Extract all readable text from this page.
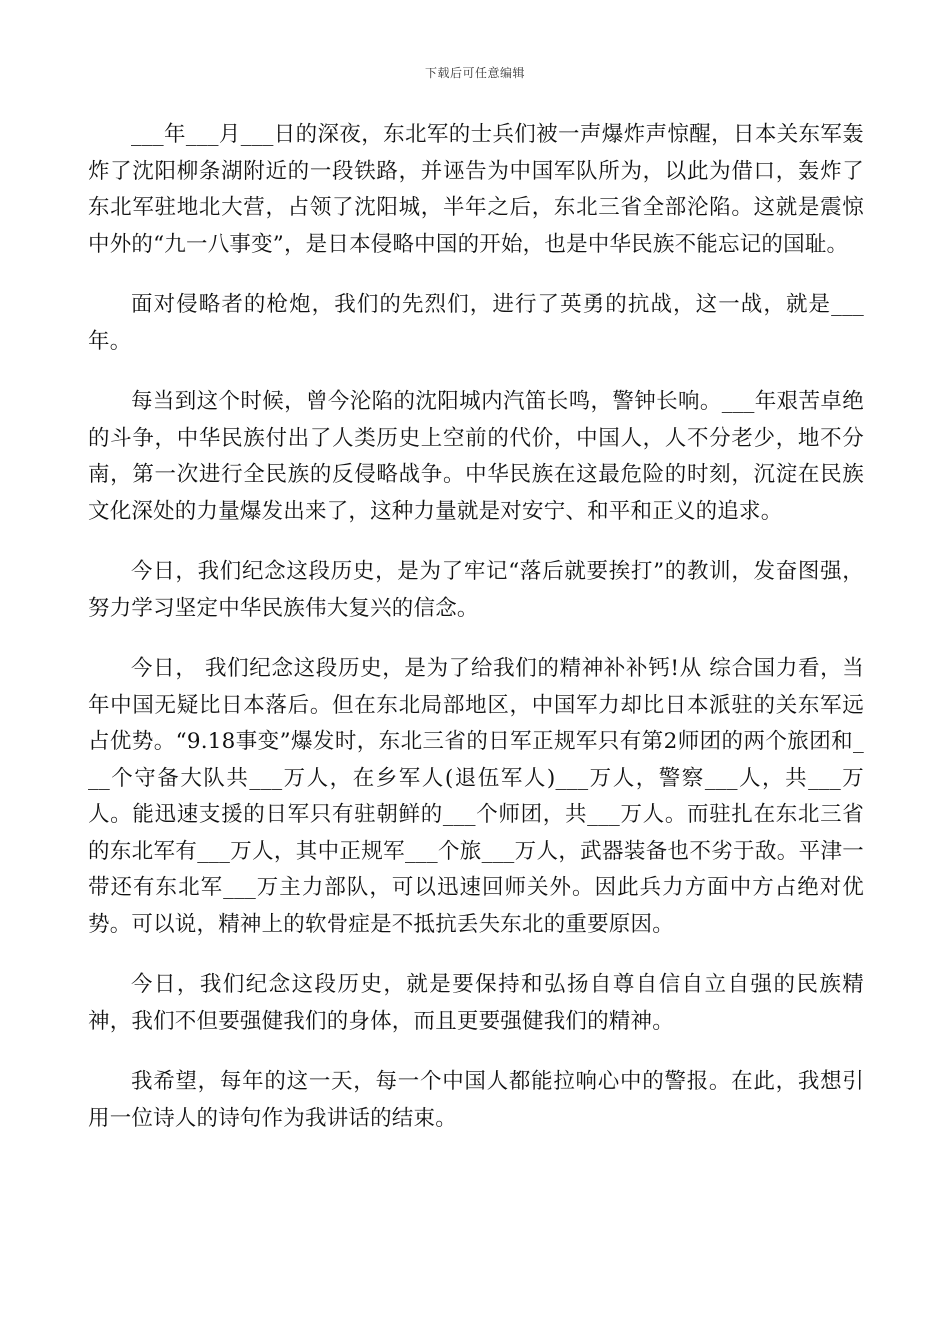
下载后可任意编辑

___年___月___日的深夜，东北军的士兵们被一声爆炸声惊醒，日本关东军轰炸了沈阳柳条湖附近的一段铁路，并诬告为中国军队所为，以此为借口，轰炸了东北军驻地北大营，占领了沈阳城，半年之后，东北三省全部沦陷。这就是震惊中外的“九一八事变”，是日本侵略中国的开始，也是中华民族不能忘记的国耻。

面对侵略者的枪炮，我们的先烈们，进行了英勇的抗战，这一战，就是___年。

每当到这个时候，曾今沦陷的沈阳城内汽笛长鸣，警钟长响。___年艰苦卓绝的斗争，中华民族付出了人类历史上空前的代价，中国人，人不分老少，地不分南，第一次进行全民族的反侵略战争。中华民族在这最危险的时刻，沉淀在民族文化深处的力量爆发出来了，这种力量就是对安宁、和平和正义的追求。

今日，我们纪念这段历史，是为了牢记“落后就要挨打”的教训，发奋图强，努力学习坚定中华民族伟大复兴的信念。

今日， 我们纪念这段历史，是为了给我们的精神补补钙!从 综合国力看，当年中国无疑比日本落后。但在东北局部地区，中国军力却比日本派驻的关东军远占优势。“9.18事变”爆发时，东北三省的日军正规军只有第2师团的两个旅团和___个守备大队共___万人，在乡军人(退伍军人)___万人，警察___人，共___万人。能迅速支援的日军只有驻朝鲜的___个师团，共___万人。而驻扎在东北三省的东北军有___万人，其中正规军___个旅___万人，武器装备也不劣于敌。平津一带还有东北军___万主力部队，可以迅速回师关外。因此兵力方面中方占绝对优势。可以说，精神上的软骨症是不抵抗丢失东北的重要原因。

今日，我们纪念这段历史，就是要保持和弘扬自尊自信自立自强的民族精神，我们不但要强健我们的身体，而且更要强健我们的精神。

我希望，每年的这一天，每一个中国人都能拉响心中的警报。在此，我想引用一位诗人的诗句作为我讲话的结束。
